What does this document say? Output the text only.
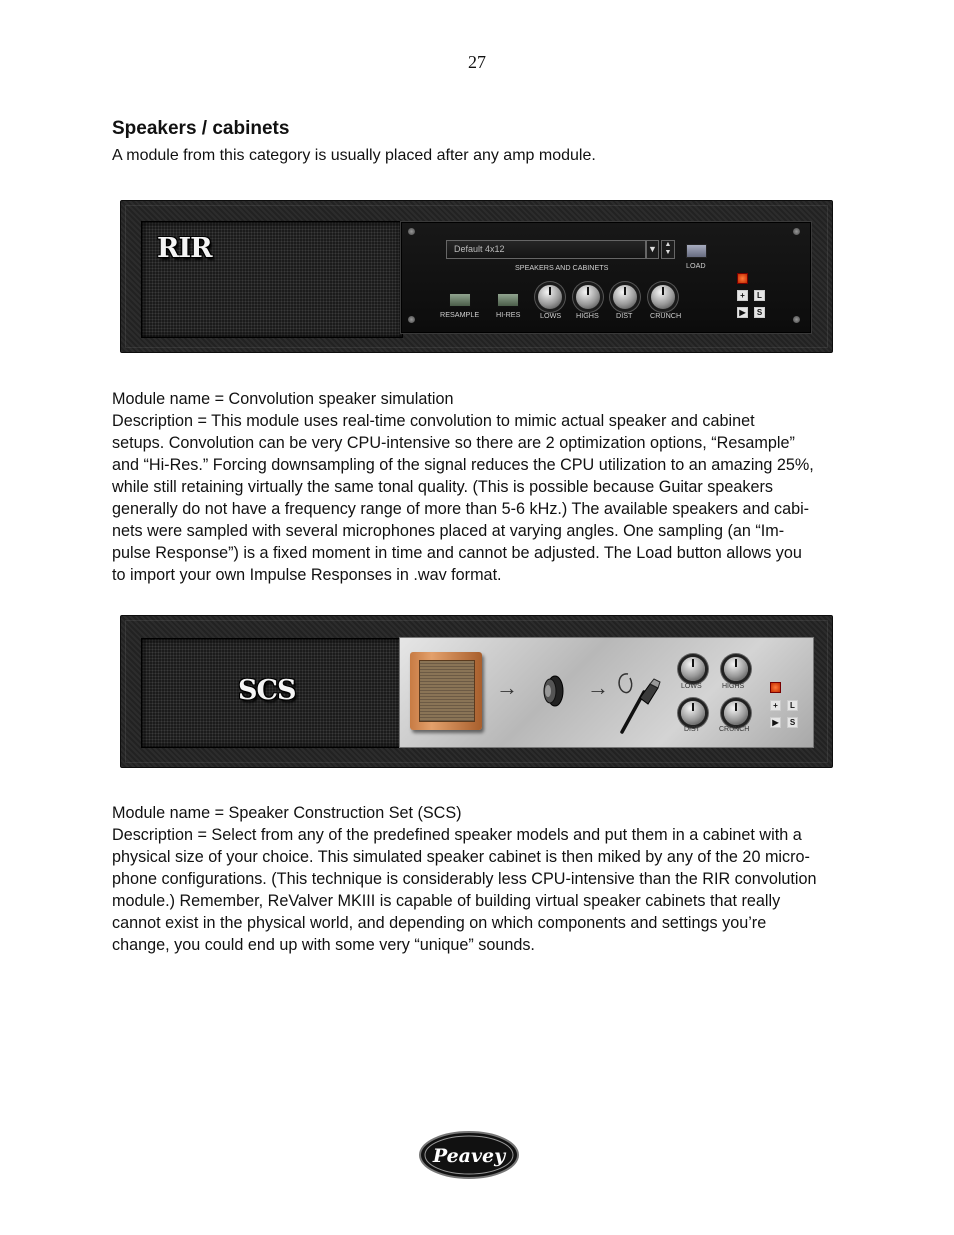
27
Speakers / cabinets
A module from this category is usually placed after any amp module.
RIR	Default 4x12	▼	▲
▼
SPEAKERS AND CABINETS	LOAD
RESAMPLE HI-RES	LOWS HIGHS DIST CRUNCH
+	L
▶	S
Module name = Convolution speaker simulation
Description = This module uses real-time convolution to mimic actual speaker and cabinet
setups. Convolution can be very CPU-intensive so there are 2 optimization options, “Resample”
and “Hi-Res.” Forcing downsampling of the signal reduces the CPU utilization to an amazing 25%,
while still retaining virtually the same tonal quality. (This is possible because Guitar speakers
generally do not have a frequency range of more than 5-6 kHz.) The available speakers and cabi-
nets were sampled with several microphones placed at varying angles. One sampling (an “Im-
pulse Response”) is a fixed moment in time and cannot be adjusted. The Load button allows you
to import your own Impulse Responses in .wav format.
SCS	→	→	LOWS	HIGHS
DIST	CRUNCH
+	L
▶	S
Module name = Speaker Construction Set (SCS)
Description = Select from any of the predefined speaker models and put them in a cabinet with a
physical size of your choice. This simulated speaker cabinet is then miked by any of the 20 micro-
phone configurations. (This technique is considerably less CPU-intensive than the RIR convolution
module.) Remember, ReValver MKIII is capable of building virtual speaker cabinets that really
cannot exist in the physical world, and depending on which components and settings you’re
change, you could end up with some very “unique” sounds.
Peavey
